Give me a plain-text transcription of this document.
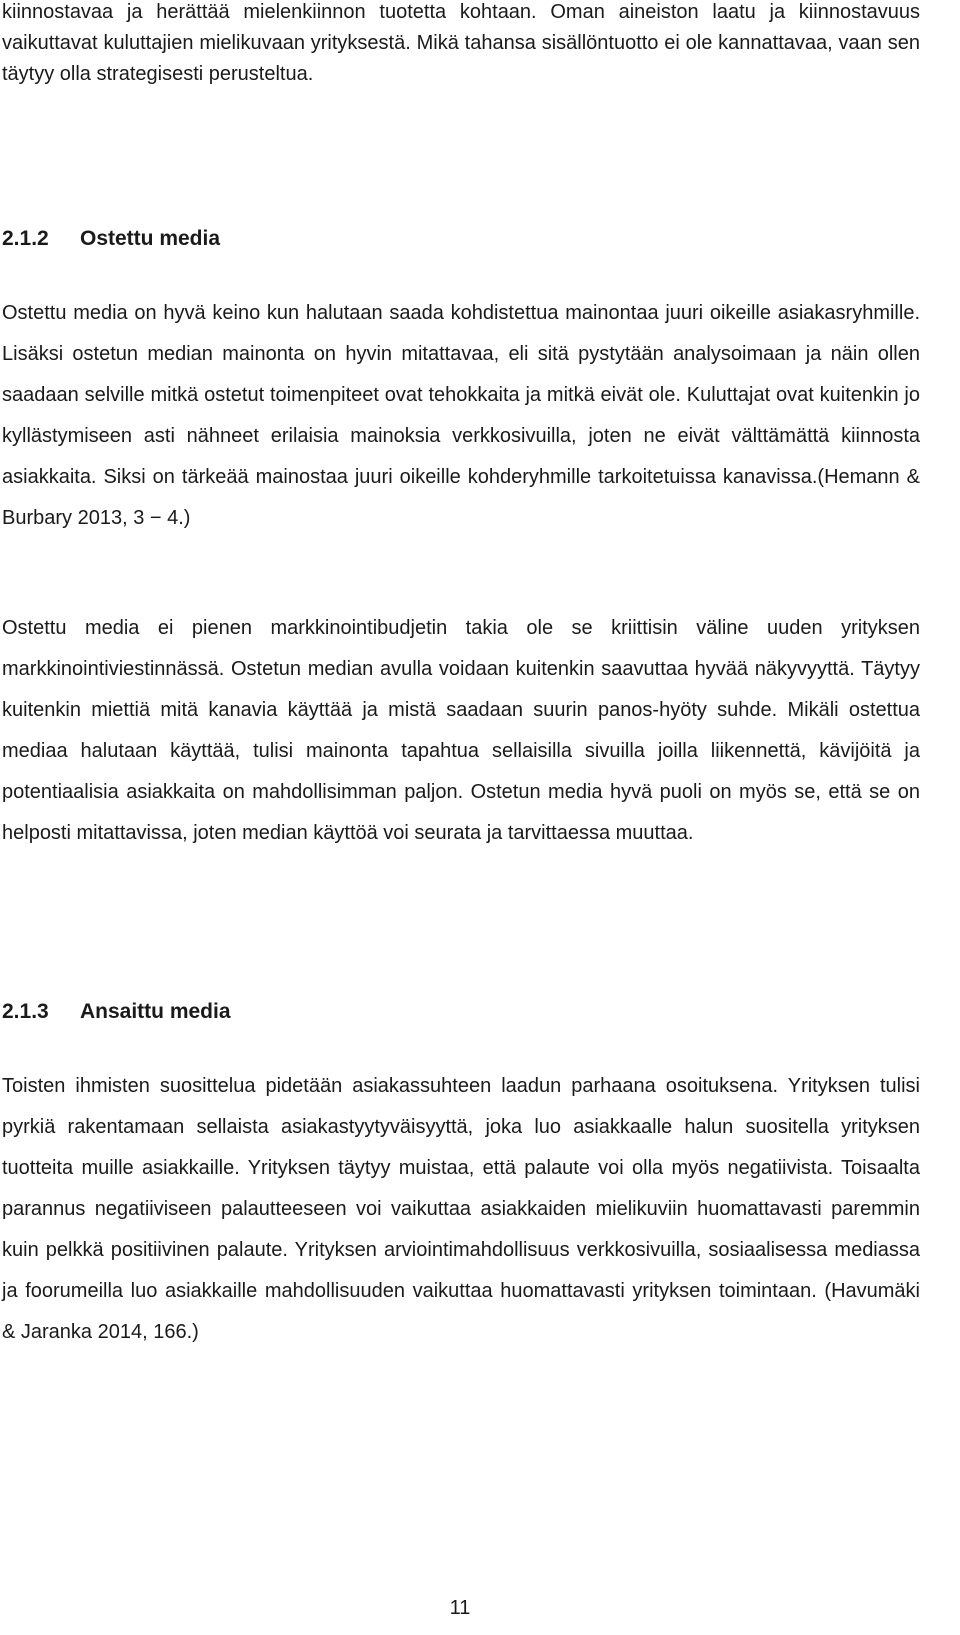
kiinnostavaa ja herättää mielenkiinnon tuotetta kohtaan. Oman aineiston laatu ja kiinnostavuus vaikuttavat kuluttajien mielikuvaan yrityksestä. Mikä tahansa sisällöntuotto ei ole kannattavaa, vaan sen täytyy olla strategisesti perusteltua.

2.1.2 Ostettu media

Ostettu media on hyvä keino kun halutaan saada kohdistettua mainontaa juuri oikeille asiakasryhmille. Lisäksi ostetun median mainonta on hyvin mitattavaa, eli sitä pystytään analysoimaan ja näin ollen saadaan selville mitkä ostetut toimenpiteet ovat tehokkaita ja mitkä eivät ole. Kuluttajat ovat kuitenkin jo kyllästymiseen asti nähneet erilaisia mainoksia verkkosivuilla, joten ne eivät välttämättä kiinnosta asiakkaita. Siksi on tärkeää mainostaa juuri oikeille kohderyhmille tarkoitetuissa kanavissa.(Hemann & Burbary 2013, 3 − 4.)

Ostettu media ei pienen markkinointibudjetin takia ole se kriittisin väline uuden yrityksen markkinointiviestinnässä. Ostetun median avulla voidaan kuitenkin saavuttaa hyvää näkyvyyttä. Täytyy kuitenkin miettiä mitä kanavia käyttää ja mistä saadaan suurin panos-hyöty suhde. Mikäli ostettua mediaa halutaan käyttää, tulisi mainonta tapahtua sellaisilla sivuilla joilla liikennettä, kävijöitä ja potentiaalisia asiakkaita on mahdollisimman paljon. Ostetun media hyvä puoli on myös se, että se on helposti mitattavissa, joten median käyttöä voi seurata ja tarvittaessa muuttaa.

2.1.3 Ansaittu media

Toisten ihmisten suosittelua pidetään asiakassuhteen laadun parhaana osoituksena. Yrityksen tulisi pyrkiä rakentamaan sellaista asiakastyytyväisyyttä, joka luo asiakkaalle halun suositella yrityksen tuotteita muille asiakkaille. Yrityksen täytyy muistaa, että palaute voi olla myös negatiivista. Toisaalta parannus negatiiviseen palautteeseen voi vaikuttaa asiakkaiden mielikuviin huomattavasti paremmin kuin pelkkä positiivinen palaute. Yrityksen arviointimahdollisuus verkkosivuilla, sosiaalisessa mediassa ja foorumeilla luo asiakkaille mahdollisuuden vaikuttaa huomattavasti yrityksen toimintaan. (Havumäki & Jaranka 2014, 166.)

11
